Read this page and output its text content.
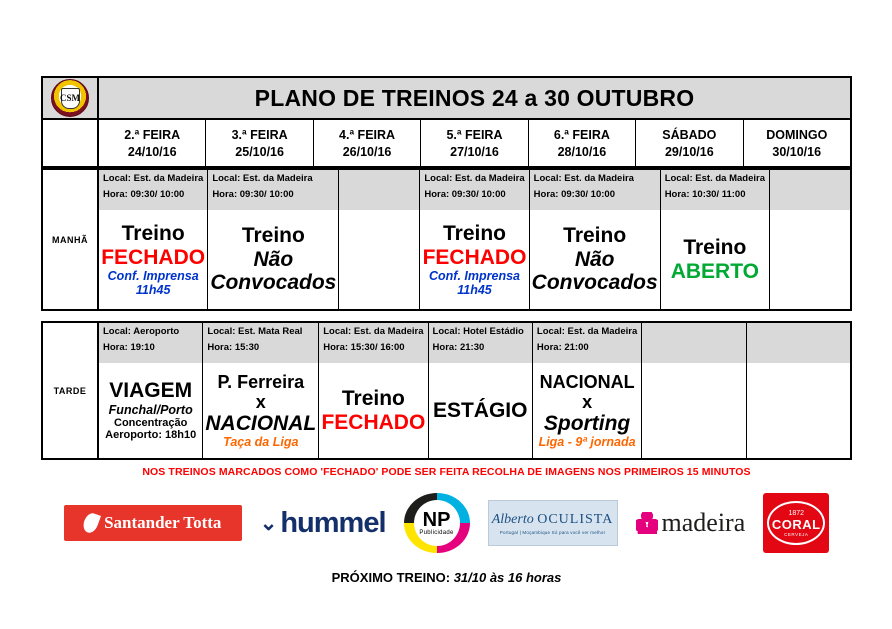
CSM	PLANO DE TREINOS 24 a 30 OUTUBRO
2.ª FEIRA
24/10/16
3.ª FEIRA
25/10/16
4.ª FEIRA
26/10/16
5.ª FEIRA
27/10/16
6.ª FEIRA
28/10/16
SÁBADO
29/10/16
DOMINGO
30/10/16
MANHÃ
Local: Est. da Madeira
Hora: 09:30/ 10:00
Treino
FECHADO
Conf. Imprensa
11h45
Local: Est. da Madeira
Hora: 09:30/ 10:00
Treino
Não
Convocados
Local: Est. da Madeira
Hora: 09:30/ 10:00
Treino
FECHADO
Conf. Imprensa
11h45
Local: Est. da Madeira
Hora: 09:30/ 10:00
Treino
Não
Convocados
Local: Est. da Madeira
Hora: 10:30/ 11:00
Treino
ABERTO
TARDE
Local: Aeroporto
Hora: 19:10
VIAGEM
Funchal/Porto
Concentração
Aeroporto: 18h10
Local: Est. Mata Real
Hora: 15:30
P. Ferreira
x
NACIONAL
Taça da Liga
Local: Est. da Madeira
Hora: 15:30/ 16:00
Treino
FECHADO
Local: Hotel Estádio
Hora: 21:30
ESTÁGIO
Local: Est. da Madeira
Hora: 21:00
NACIONAL
x
Sporting
Liga - 9ª jornada
NOS TREINOS MARCADOS COMO 'FECHADO' PODE SER FEITA RECOLHA DE IMAGENS NOS PRIMEIROS 15 MINUTOS
Santander Totta ⌄ hummel NP
Publicidade
Alberto OCULISTA
Portugal | Moçambique Só para você ver melhor madeira	1872
CORAL
CERVEJA
PRÓXIMO TREINO: 31/10 às 16 horas
